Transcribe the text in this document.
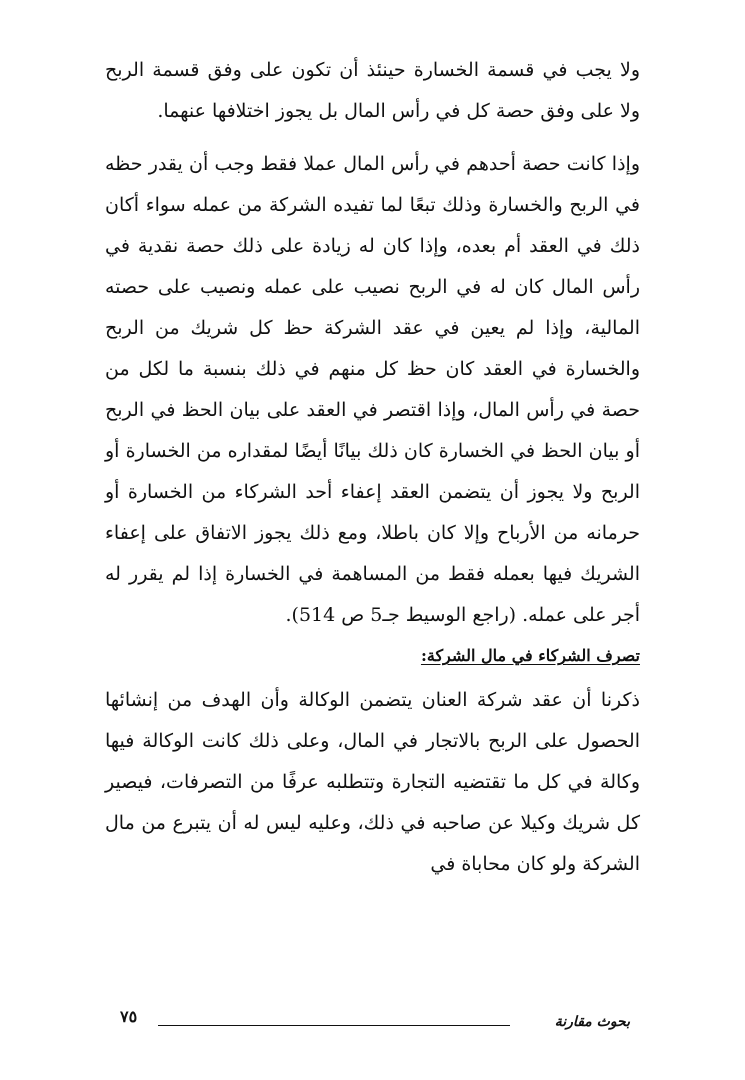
ولا يجب في قسمة الخسارة حينئذ أن تكون على وفق قسمة الربح ولا على وفق حصة كل في رأس المال بل يجوز اختلافها عنهما.

وإذا كانت حصة أحدهم في رأس المال عملا فقط وجب أن يقدر حظه في الربح والخسارة وذلك تبعًا لما تفيده الشركة من عمله سواء أكان ذلك في العقد أم بعده، وإذا كان له زيادة على ذلك حصة نقدية في رأس المال كان له في الربح نصيب على عمله ونصيب على حصته المالية، وإذا لم يعين في عقد الشركة حظ كل شريك من الربح والخسارة في العقد كان حظ كل منهم في ذلك بنسبة ما لكل من حصة في رأس المال، وإذا اقتصر في العقد على بيان الحظ في الربح أو بيان الحظ في الخسارة كان ذلك بيانًا أيضًا لمقداره من الخسارة أو الربح ولا يجوز أن يتضمن العقد إعفاء أحد الشركاء من الخسارة أو حرمانه من الأرباح وإلا كان باطلا، ومع ذلك يجوز الاتفاق على إعفاء الشريك فيها بعمله فقط من المساهمة في الخسارة إذا لم يقرر له أجر على عمله. (راجع الوسيط جـ5 ص 514).

تصرف الشركاء في مال الشركة:

ذكرنا أن عقد شركة العنان يتضمن الوكالة وأن الهدف من إنشائها الحصول على الربح بالاتجار في المال، وعلى ذلك كانت الوكالة فيها وكالة في كل ما تقتضيه التجارة وتتطلبه عرفًا من التصرفات، فيصير كل شريك وكيلا عن صاحبه في ذلك، وعليه ليس له أن يتبرع من مال الشركة ولو كان محاباة في

٧٥	بحوث مقارنة
